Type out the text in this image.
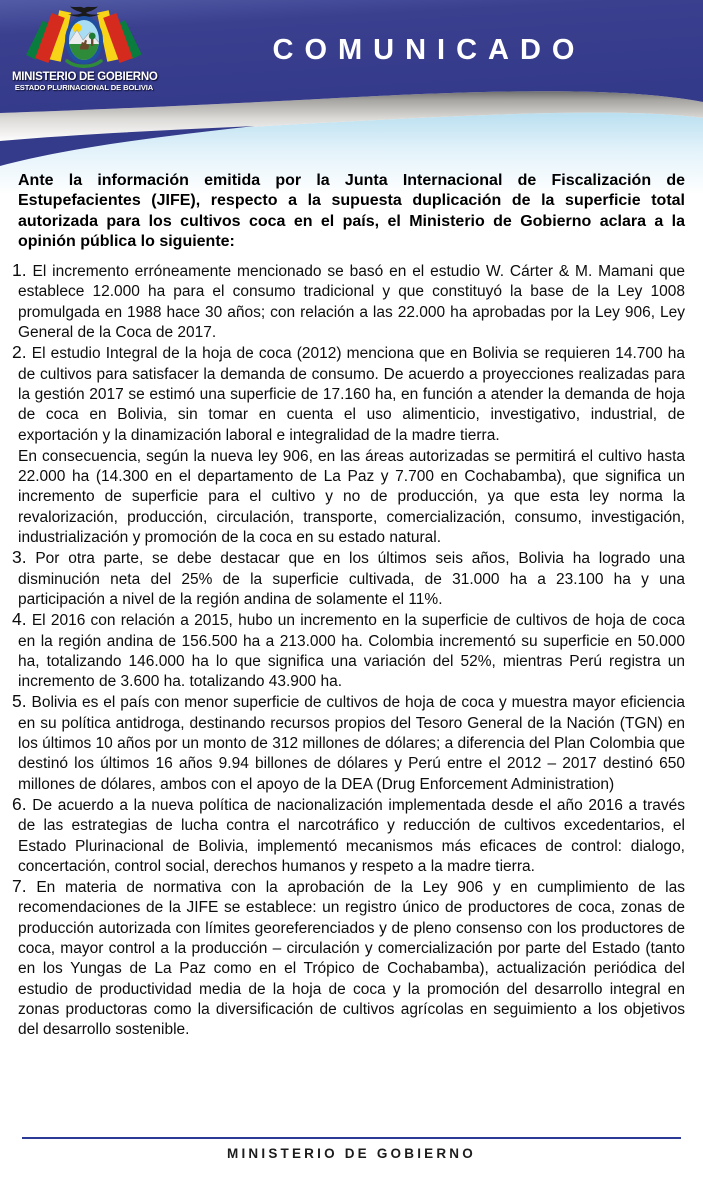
MINISTERIO DE GOBIERNO
ESTADO PLURINACIONAL DE BOLIVIA
COMUNICADO

Ante la información emitida por la Junta Internacional de Fiscalización de Estupefacientes (JIFE), respecto a la supuesta duplicación de la superficie total autorizada para los cultivos coca en el país, el Ministerio de Gobierno aclara a la opinión pública lo siguiente:

1. El incremento erróneamente mencionado se basó en el estudio W. Cárter & M. Mamani que establece 12.000 ha para el consumo tradicional y que constituyó la base de la Ley 1008 promulgada en 1988 hace 30 años; con relación a las 22.000 ha aprobadas por la Ley 906, Ley General de la Coca de 2017.

2. El estudio Integral de la hoja de coca (2012) menciona que en Bolivia se requieren 14.700 ha de cultivos para satisfacer la demanda de consumo. De acuerdo a proyecciones realizadas para la gestión 2017 se estimó una superficie de 17.160 ha, en función a atender la demanda de hoja de coca en Bolivia, sin tomar en cuenta el uso alimenticio, investigativo, industrial, de exportación y la dinamización laboral e integralidad de la madre tierra.

En consecuencia, según la nueva ley 906, en las áreas autorizadas se permitirá el cultivo hasta 22.000 ha (14.300 en el departamento de La Paz y 7.700 en Cochabamba), que significa un incremento de superficie para el cultivo y no de producción, ya que esta ley norma la revalorización, producción, circulación, transporte, comercialización, consumo, investigación, industrialización y promoción de la coca en su estado natural.

3. Por otra parte, se debe destacar que en los últimos seis años, Bolivia ha logrado una disminución neta del 25% de la superficie cultivada, de 31.000 ha a 23.100 ha y una participación a nivel de la región andina de solamente el 11%.

4. El 2016 con relación a 2015, hubo un incremento en la superficie de cultivos de hoja de coca en la región andina de 156.500 ha a 213.000 ha. Colombia incrementó su superficie en 50.000 ha, totalizando 146.000 ha lo que significa una variación del 52%, mientras Perú registra un incremento de 3.600 ha. totalizando 43.900 ha.

5. Bolivia es el país con menor superficie de cultivos de hoja de coca y muestra mayor eficiencia en su política antidroga, destinando recursos propios del Tesoro General de la Nación (TGN) en los últimos 10 años por un monto de 312 millones de dólares; a diferencia del Plan Colombia que destinó los últimos 16 años 9.94 billones de dólares y Perú entre el 2012 – 2017 destinó 650 millones de dólares, ambos con el apoyo de la DEA (Drug Enforcement Administration)

6. De acuerdo a la nueva política de nacionalización implementada desde el año 2016 a través de las estrategias de lucha contra el narcotráfico y reducción de cultivos excedentarios, el Estado Plurinacional de Bolivia, implementó mecanismos más eficaces de control: dialogo, concertación, control social, derechos humanos y respeto a la madre tierra.

7. En materia de normativa con la aprobación de la Ley 906 y en cumplimiento de las recomendaciones de la JIFE se establece: un registro único de productores de coca, zonas de producción autorizada con límites georeferenciados y de pleno consenso con los productores de coca, mayor control a la producción – circulación y comercialización por parte del Estado (tanto en los Yungas de La Paz como en el Trópico de Cochabamba), actualización periódica del estudio de productividad media de la hoja de coca y la promoción del desarrollo integral en zonas productoras como la diversificación de cultivos agrícolas en seguimiento a los objetivos del desarrollo sostenible.

MINISTERIO DE GOBIERNO
